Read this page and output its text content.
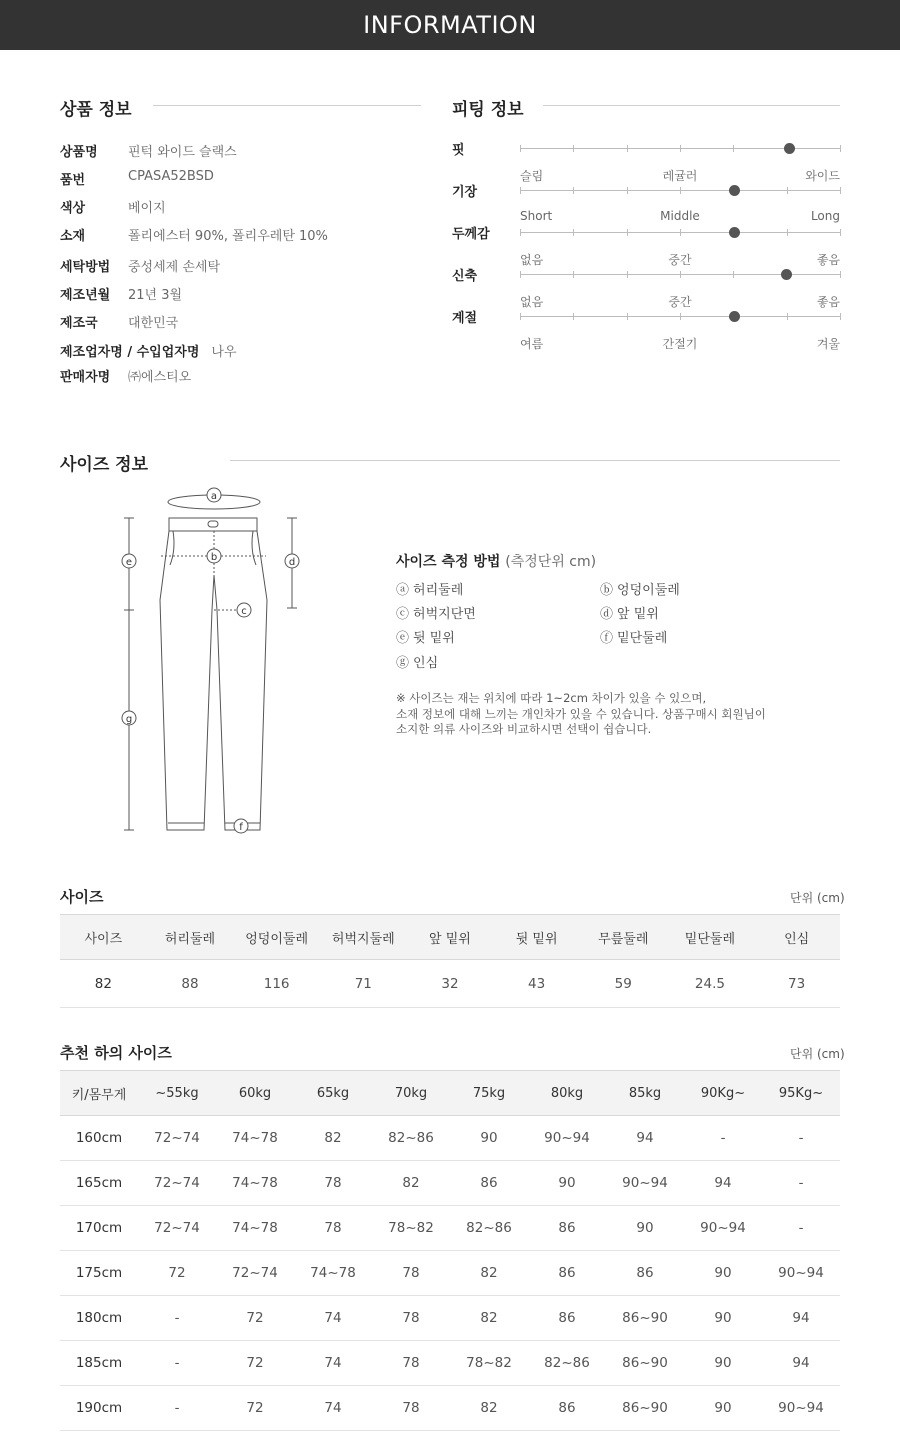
INFORMATION
상품 정보
상품명	핀턱 와이드 슬랙스
품번	CPASA52BSD
색상	베이지
소재	폴리에스터 90%, 폴리우레탄 10%
세탁방법	중성세제 손세탁
제조년월	21년 3월
제조국	대한민국
제조업자명 / 수입업자명 나우
판매자명	㈜에스티오
피팅 정보
핏
슬림	레귤러	와이드
기장
Short	Middle	Long
두께감
없음	중간	좋음
신축
없음	중간	좋음
계절
여름	간절기	겨울
사이즈 정보
a
b
c
d
e
f
g
사이즈 측정 방법 (측정단위 cm)
ⓐ 허리둘레	ⓑ 엉덩이둘레
ⓒ 허벅지단면	ⓓ 앞 밑위
ⓔ 뒷 밑위	ⓕ 밑단둘레
ⓖ 인심
※ 사이즈는 재는 위치에 따라 1~2cm 차이가 있을 수 있으며,
소재 정보에 대해 느끼는 개인차가 있을 수 있습니다. 상품구매시 회원님이
소지한 의류 사이즈와 비교하시면 선택이 쉽습니다.
사이즈	단위 (cm)
사이즈	허리둘레	엉덩이둘레	허벅지둘레	앞 밑위	뒷 밑위	무릎둘레	밑단둘레	인심
82	88	116	71	32	43	59	24.5	73
추천 하의 사이즈	단위 (cm)
키/몸무게	~55kg	60kg	65kg	70kg	75kg	80kg	85kg	90Kg~	95Kg~
160cm	72~74	74~78	82	82~86	90	90~94	94	-	-
165cm	72~74	74~78	78	82	86	90	90~94	94	-
170cm	72~74	74~78	78	78~82	82~86	86	90	90~94	-
175cm	72	72~74	74~78	78	82	86	86	90	90~94
180cm	-	72	74	78	82	86	86~90	90	94
185cm	-	72	74	78	78~82	82~86	86~90	90	94
190cm	-	72	74	78	82	86	86~90	90	90~94
